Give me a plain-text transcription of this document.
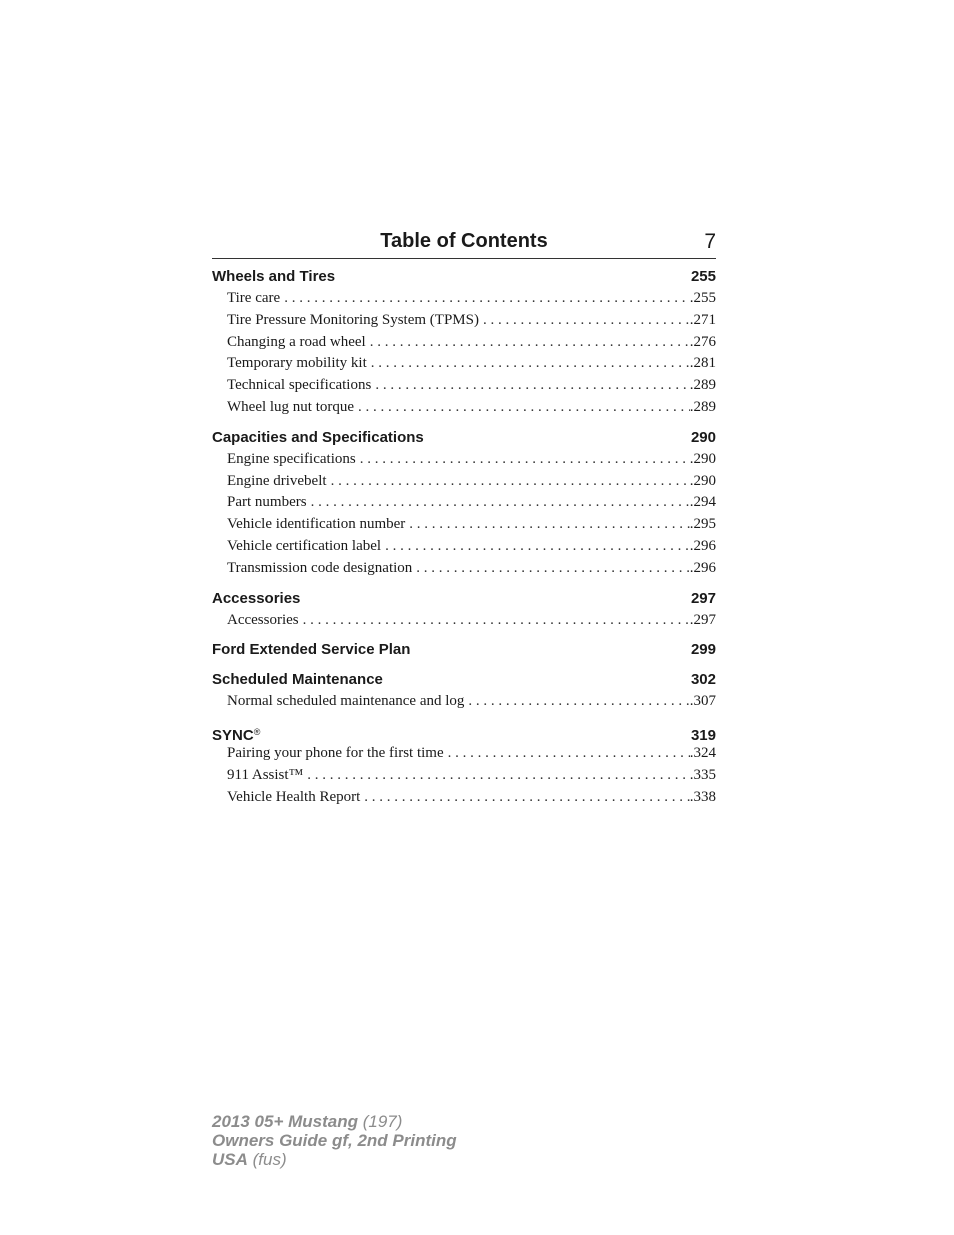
Table of Contents	7
Wheels and Tires	255
Tire care . . .	. 255
Tire Pressure Monitoring System (TPMS) . . .	. 271
Changing a road wheel . . .	. 276
Temporary mobility kit . . .	. 281
Technical specifications . . .	. 289
Wheel lug nut torque . . .	. 289
Capacities and Specifications	290
Engine specifications . . .	. 290
Engine drivebelt . . .	. 290
Part numbers . . .	. 294
Vehicle identification number . . .	. 295
Vehicle certification label . . .	. 296
Transmission code designation . . .	. 296
Accessories	297
Accessories . . .	. 297
Ford Extended Service Plan	299
Scheduled Maintenance	302
Normal scheduled maintenance and log . . .	. 307
SYNC®	319
Pairing your phone for the first time . . .	. 324
911 Assist™ . . .	. 335
Vehicle Health Report . . .	. 338
2013 05+ Mustang (197)
Owners Guide gf, 2nd Printing
USA (fus)
